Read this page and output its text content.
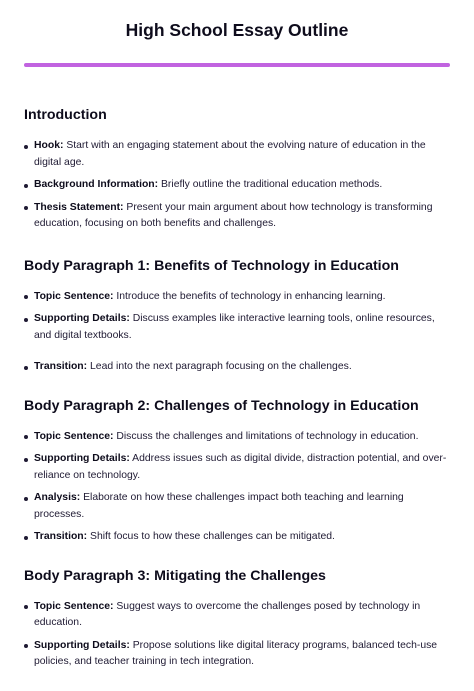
High School Essay Outline
Introduction
Hook: Start with an engaging statement about the evolving nature of education in the digital age.
Background Information: Briefly outline the traditional education methods.
Thesis Statement: Present your main argument about how technology is transforming education, focusing on both benefits and challenges.
Body Paragraph 1: Benefits of Technology in Education
Topic Sentence: Introduce the benefits of technology in enhancing learning.
Supporting Details: Discuss examples like interactive learning tools, online resources, and digital textbooks.
Transition: Lead into the next paragraph focusing on the challenges.
Body Paragraph 2: Challenges of Technology in Education
Topic Sentence: Discuss the challenges and limitations of technology in education.
Supporting Details: Address issues such as digital divide, distraction potential, and over-reliance on technology.
Analysis: Elaborate on how these challenges impact both teaching and learning processes.
Transition: Shift focus to how these challenges can be mitigated.
Body Paragraph 3: Mitigating the Challenges
Topic Sentence: Suggest ways to overcome the challenges posed by technology in education.
Supporting Details: Propose solutions like digital literacy programs, balanced tech-use policies, and teacher training in tech integration.
